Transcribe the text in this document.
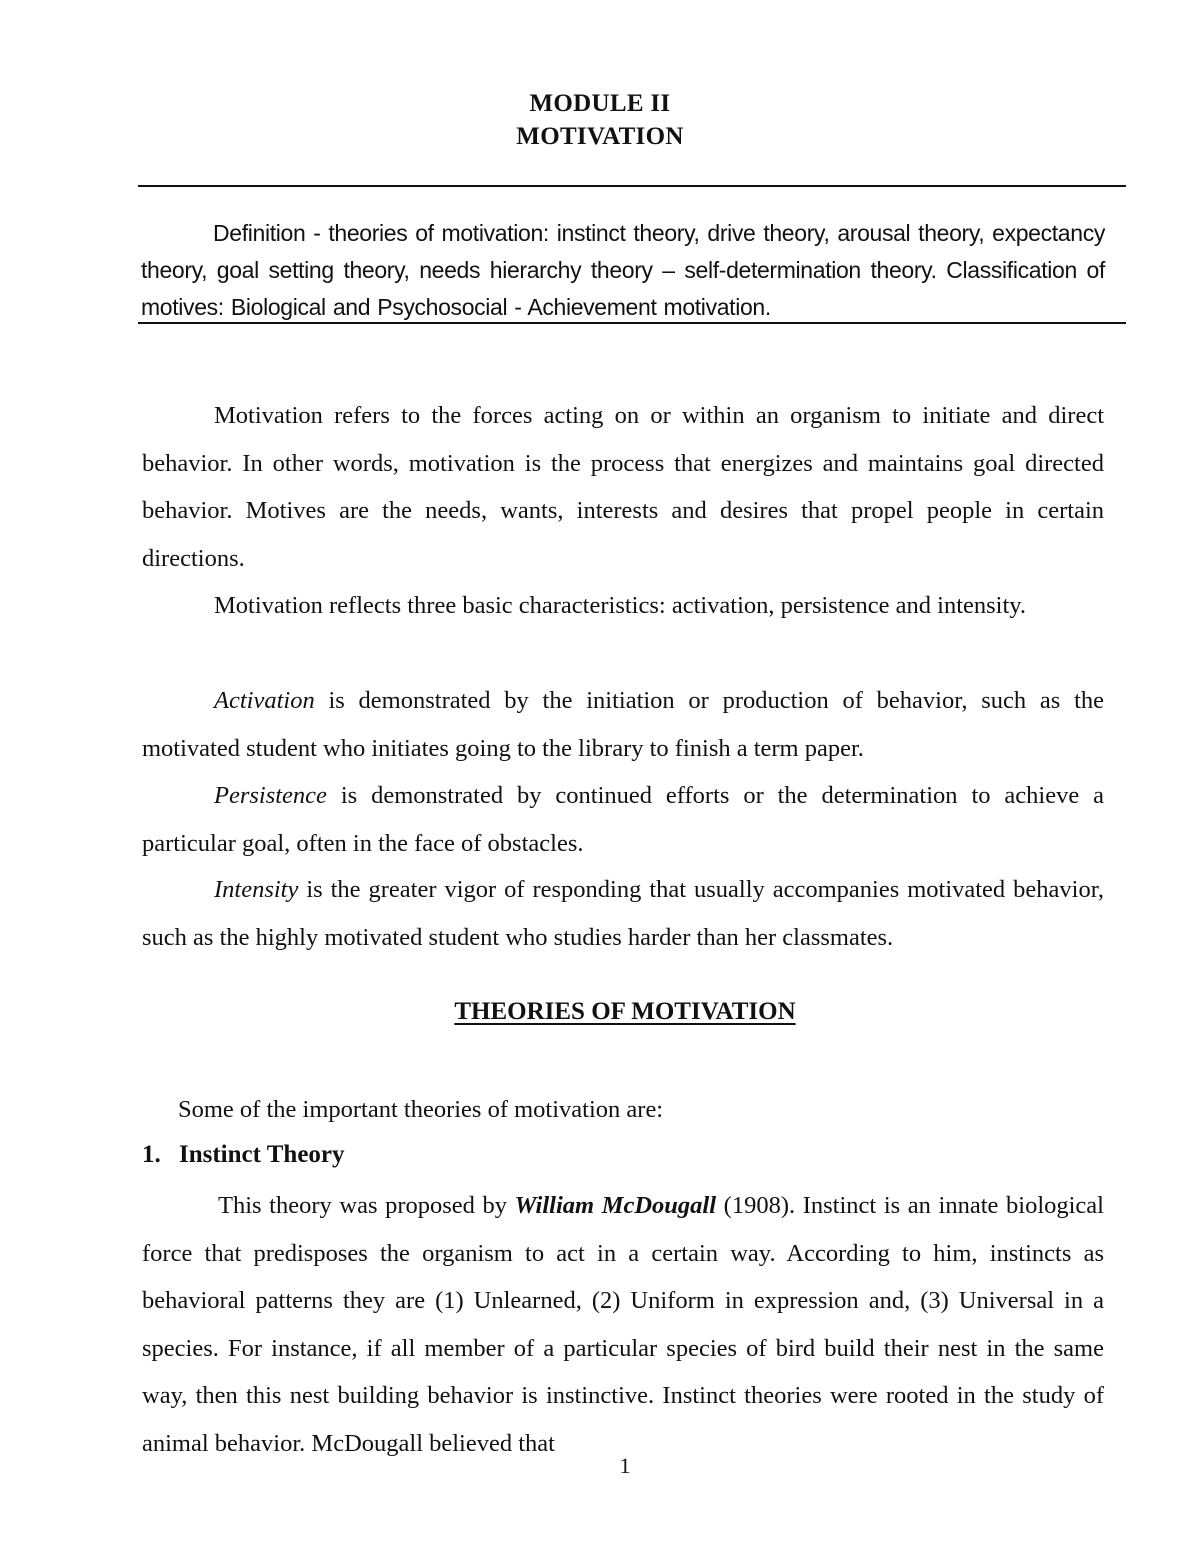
MODULE II
MOTIVATION
Definition - theories of motivation: instinct theory, drive theory, arousal theory, expectancy theory, goal setting theory, needs hierarchy theory – self-determination theory. Classification of motives: Biological and Psychosocial - Achievement motivation.

Motivation refers to the forces acting on or within an organism to initiate and direct behavior. In other words, motivation is the process that energizes and maintains goal directed behavior. Motives are the needs, wants, interests and desires that propel people in certain directions.

Motivation reflects three basic characteristics: activation, persistence and intensity.

Activation is demonstrated by the initiation or production of behavior, such as the motivated student who initiates going to the library to finish a term paper.

Persistence is demonstrated by continued efforts or the determination to achieve a particular goal, often in the face of obstacles.

Intensity is the greater vigor of responding that usually accompanies motivated behavior, such as the highly motivated student who studies harder than her classmates.

THEORIES OF MOTIVATION
Some of the important theories of motivation are:
1. Instinct Theory

This theory was proposed by William McDougall (1908). Instinct is an innate biological force that predisposes the organism to act in a certain way. According to him, instincts as behavioral patterns they are (1) Unlearned, (2) Uniform in expression and, (3) Universal in a species. For instance, if all member of a particular species of bird build their nest in the same way, then this nest building behavior is instinctive. Instinct theories were rooted in the study of animal behavior. McDougall believed that

1
